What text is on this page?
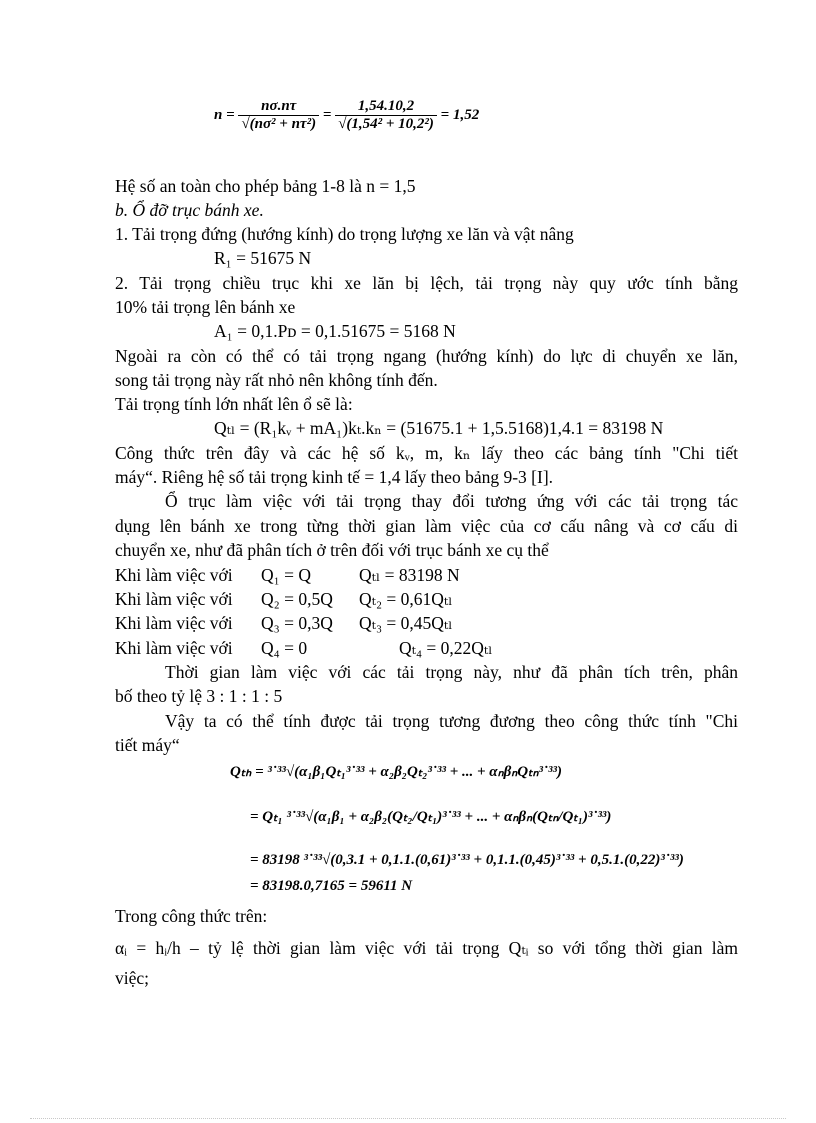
$n = \frac{n\sigma.n\tau}{\text{√(nσ² + nτ²)}} = \frac{1,54.10,2}{\text{√(1,54² + 10,2²)}} = 1,52$
Hệ số an toàn cho phép bảng 1-8 là n = 1,5
b. Ổ đỡ trục bánh xe.
1. Tải trọng đứng (hướng kính) do trọng lượng xe lăn và vật nâng
R₁ = 51675 N
2. Tải trọng chiều trục khi xe lăn bị lệch, tải trọng này quy ước tính bằng
10% tải trọng lên bánh xe
A₁ = 0,1.Pᴅ = 0,1.51675 = 5168 N
Ngoài ra còn có thể có tải trọng ngang (hướng kính) do lực di chuyển xe lăn,
song tải trọng này rất nhỏ nên không tính đến.
Tải trọng tính lớn nhất lên ổ sẽ là:
Qₜₗ = (R₁kᵥ + mA₁)kₜ.kₙ = (51675.1 + 1,5.5168)1,4.1 = 83198 N
Công thức trên đây và các hệ số kᵥ, m, kₙ lấy theo các bảng tính "Chi tiết
máy“. Riêng hệ số tải trọng kinh tế = 1,4 lấy theo bảng 9-3 [I].
Ổ trục làm việc với tải trọng thay đổi tương ứng với các tải trọng tác
dụng lên bánh xe trong từng thời gian làm việc của cơ cấu nâng và cơ cấu di
chuyển xe, như đã phân tích ở trên đối với trục bánh xe cụ thể
Khi làm việc với Q₁ = Q	Qₜₗ = 83198 N
Khi làm việc với Q₂ = 0,5Q Qₜ₂ = 0,61Qₜₗ
Khi làm việc với Q₃ = 0,3Q Qₜ₃ = 0,45Qₜₗ
Khi làm việc với Q₄ = 0	Qₜ₄ = 0,22Qₜₗ
Thời gian làm việc với các tải trọng này, như đã phân tích trên, phân
bố theo tỷ lệ 3 : 1 : 1 : 5
Vậy ta có thể tính được tải trọng tương đương theo công thức tính "Chi
tiết máy“
Qₜₕ = ³˙³³√(α₁β₁Qₜ₁³˙³³ + α₂β₂Qₜ₂³˙³³ + ... + αₙβₙQₜₙ³˙³³)
= Qₜ₁ ³˙³³√(α₁β₁ + α₂β₂(Qₜ₂/Qₜ₁)³˙³³ + ... + αₙβₙ(Qₜₙ/Qₜ₁)³˙³³)
= 83198 ³˙³³√(0,3.1 + 0,1.1.(0,61)³˙³³ + 0,1.1.(0,45)³˙³³ + 0,5.1.(0,22)³˙³³)
= 83198.0,7165 = 59611 N
Trong công thức trên:
αᵢ = hᵢ/h – tỷ lệ thời gian làm việc với tải trọng Qₜᵢ so với tổng thời gian làm
việc;
